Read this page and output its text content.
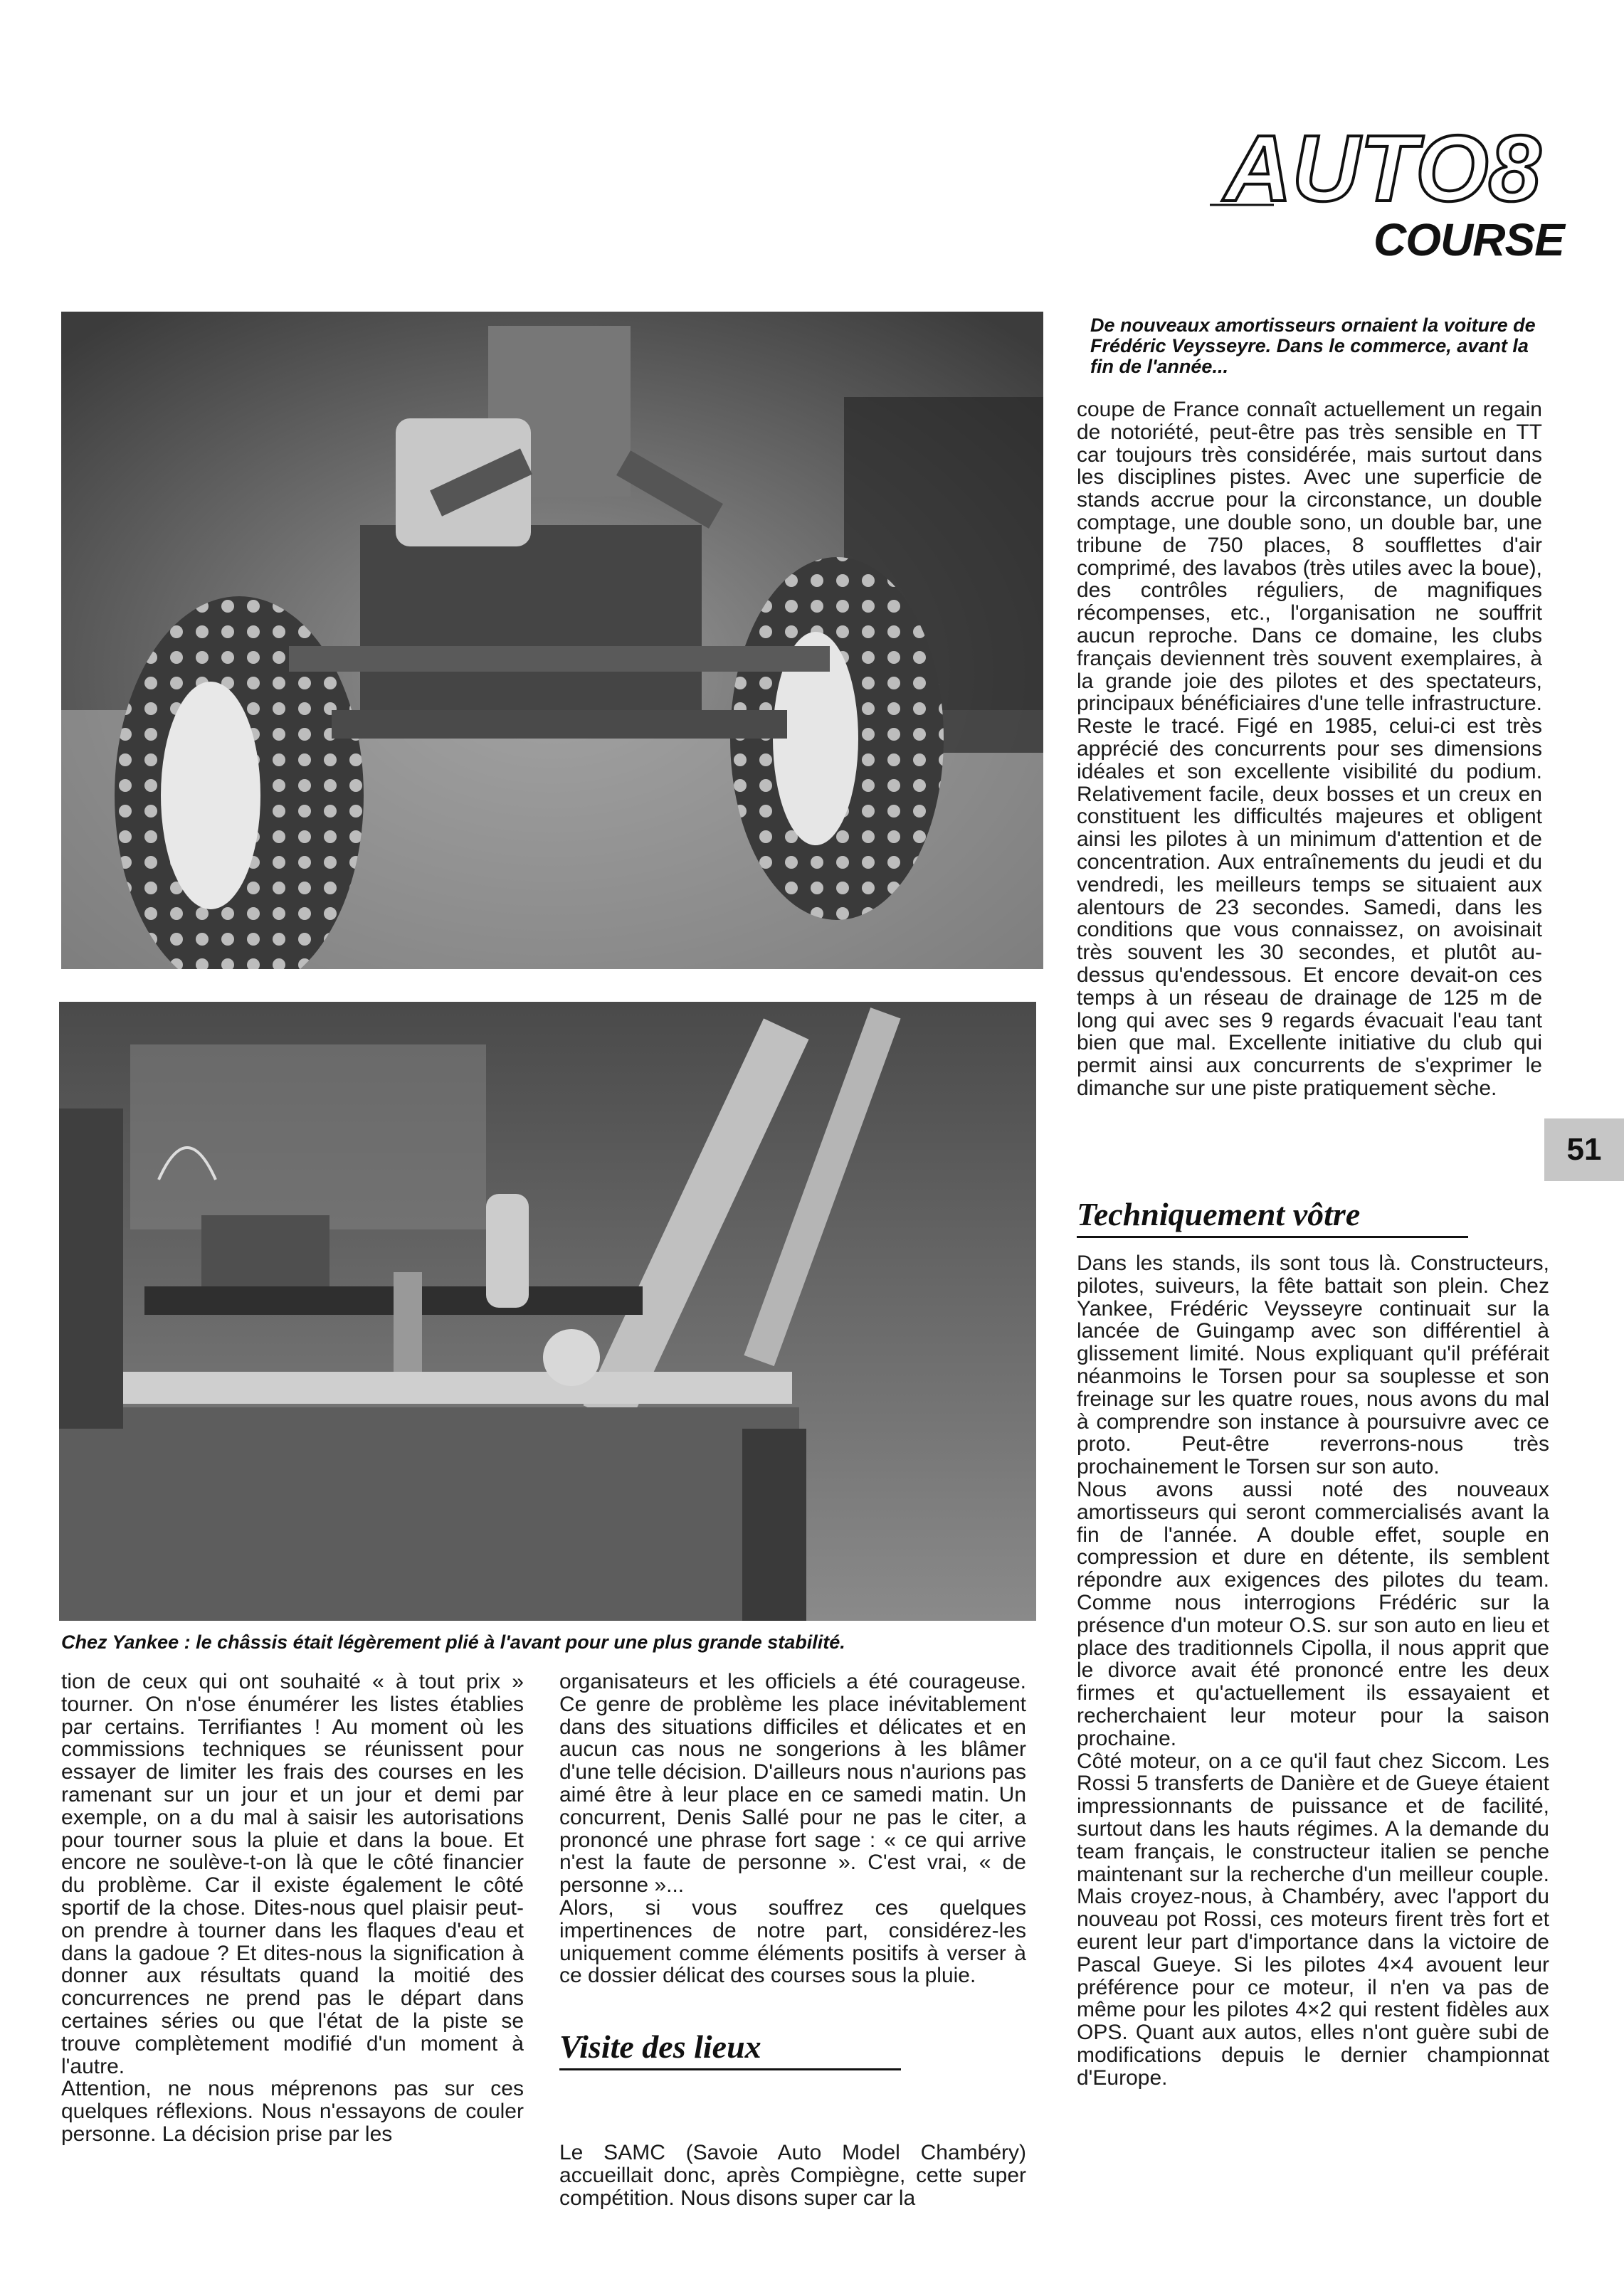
AUTO8
COURSE
De nouveaux amortisseurs ornaient la voiture de Frédéric Veysseyre. Dans le commerce, avant la fin de l'année...
Chez Yankee : le châssis était légèrement plié à l'avant pour une plus grande stabilité.

tion de ceux qui ont souhaité « à tout prix » tourner. On n'ose énumérer les listes établies par certains. Terrifiantes ! Au moment où les commissions techniques se réunissent pour essayer de limiter les frais des courses en les ramenant sur un jour et un jour et demi par exemple, on a du mal à saisir les autorisations pour tourner sous la pluie et dans la boue. Et encore ne soulève-t-on là que le côté financier du problème. Car il existe également le côté sportif de la chose. Dites-nous quel plaisir peut-on prendre à tourner dans les flaques d'eau et dans la gadoue ? Et dites-nous la signification à donner aux résultats quand la moitié des concurrences ne prend pas le départ dans certaines séries ou que l'état de la piste se trouve complètement modifié d'un moment à l'autre.

Attention, ne nous méprenons pas sur ces quelques réflexions. Nous n'essayons de couler personne. La décision prise par les

organisateurs et les officiels a été courageuse. Ce genre de problème les place inévitablement dans des situations difficiles et délicates et en aucun cas nous ne songerions à les blâmer d'une telle décision. D'ailleurs nous n'aurions pas aimé être à leur place en ce samedi matin. Un concurrent, Denis Sallé pour ne pas le citer, a prononcé une phrase fort sage : « ce qui arrive n'est la faute de personne ». C'est vrai, « de personne »...

Alors, si vous souffrez ces quelques impertinences de notre part, considérez-les uniquement comme éléments positifs à verser à ce dossier délicat des courses sous la pluie.

Visite des lieux

Le SAMC (Savoie Auto Model Chambéry) accueillait donc, après Compiègne, cette super compétition. Nous disons super car la

coupe de France connaît actuellement un regain de notoriété, peut-être pas très sensible en TT car toujours très considérée, mais surtout dans les disciplines pistes. Avec une superficie de stands accrue pour la circonstance, un double comptage, une double sono, un double bar, une tribune de 750 places, 8 soufflettes d'air comprimé, des lavabos (très utiles avec la boue), des contrôles réguliers, de magnifiques récompenses, etc., l'organisation ne souffrit aucun reproche. Dans ce domaine, les clubs français deviennent très souvent exemplaires, à la grande joie des pilotes et des spectateurs, principaux bénéficiaires d'une telle infrastructure. Reste le tracé. Figé en 1985, celui-ci est très apprécié des concurrents pour ses dimensions idéales et son excellente visibilité du podium. Relativement facile, deux bosses et un creux en constituent les difficultés majeures et obligent ainsi les pilotes à un minimum d'attention et de concentration. Aux entraînements du jeudi et du vendredi, les meilleurs temps se situaient aux alentours de 23 secondes. Samedi, dans les conditions que vous connaissez, on avoisinait très souvent les 30 secondes, et plutôt au-dessus qu'endessous. Et encore devait-on ces temps à un réseau de drainage de 125 m de long qui avec ses 9 regards évacuait l'eau tant bien que mal. Excellente initiative du club qui permit ainsi aux concurrents de s'exprimer le dimanche sur une piste pratiquement sèche.

51
Techniquement vôtre

Dans les stands, ils sont tous là. Constructeurs, pilotes, suiveurs, la fête battait son plein. Chez Yankee, Frédéric Veysseyre continuait sur la lancée de Guingamp avec son différentiel à glissement limité. Nous expliquant qu'il préférait néanmoins le Torsen pour sa souplesse et son freinage sur les quatre roues, nous avons du mal à comprendre son instance à poursuivre avec ce proto. Peut-être reverrons-nous très prochainement le Torsen sur son auto.

Nous avons aussi noté des nouveaux amortisseurs qui seront commercialisés avant la fin de l'année. A double effet, souple en compression et dure en détente, ils semblent répondre aux exigences des pilotes du team. Comme nous interrogions Frédéric sur la présence d'un moteur O.S. sur son auto en lieu et place des traditionnels Cipolla, il nous apprit que le divorce avait été prononcé entre les deux firmes et qu'actuellement ils essayaient et recherchaient leur moteur pour la saison prochaine.

Côté moteur, on a ce qu'il faut chez Siccom. Les Rossi 5 transferts de Danière et de Gueye étaient impressionnants de puissance et de facilité, surtout dans les hauts régimes. A la demande du team français, le constructeur italien se penche maintenant sur la recherche d'un meilleur couple. Mais croyez-nous, à Chambéry, avec l'apport du nouveau pot Rossi, ces moteurs firent très fort et eurent leur part d'importance dans la victoire de Pascal Gueye. Si les pilotes 4×4 avouent leur préférence pour ce moteur, il n'en va pas de même pour les pilotes 4×2 qui restent fidèles aux OPS. Quant aux autos, elles n'ont guère subi de modifications depuis le dernier championnat d'Europe.
